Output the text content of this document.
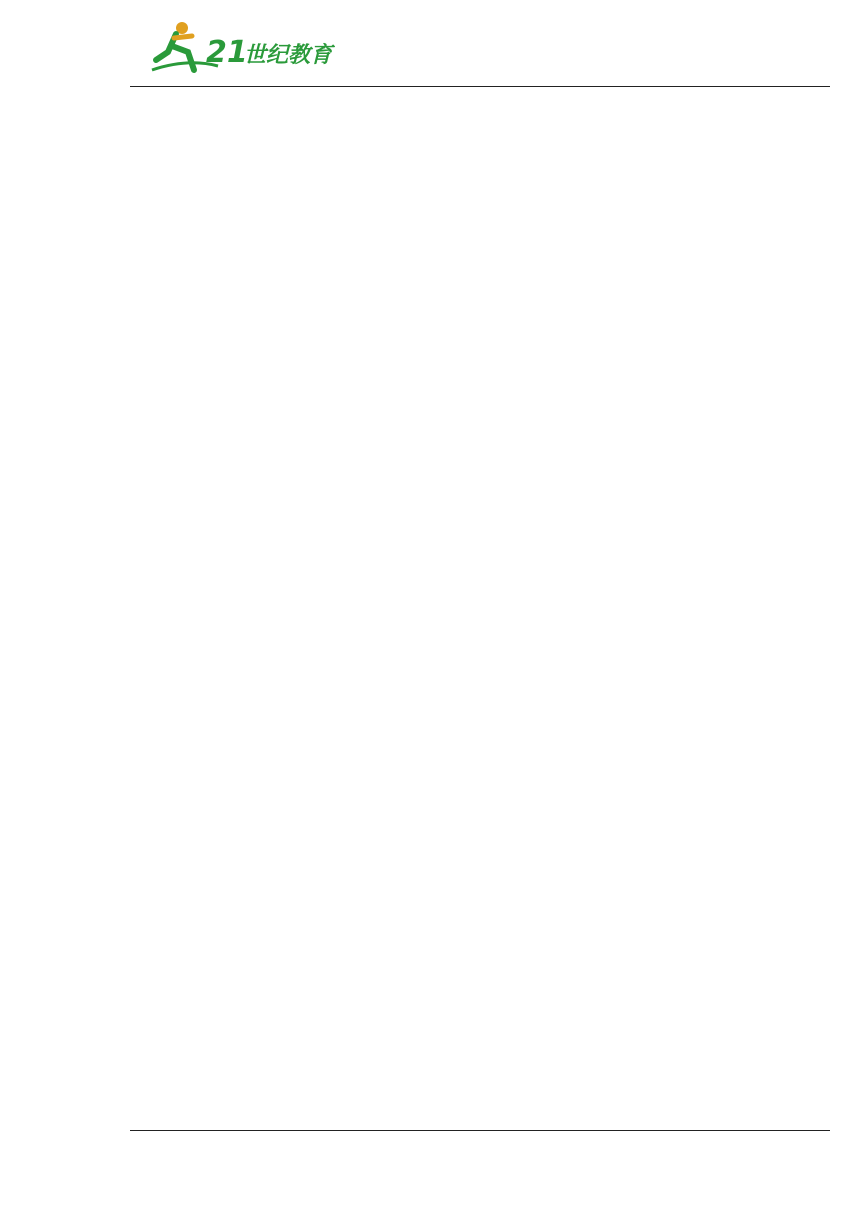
21
世纪教育
